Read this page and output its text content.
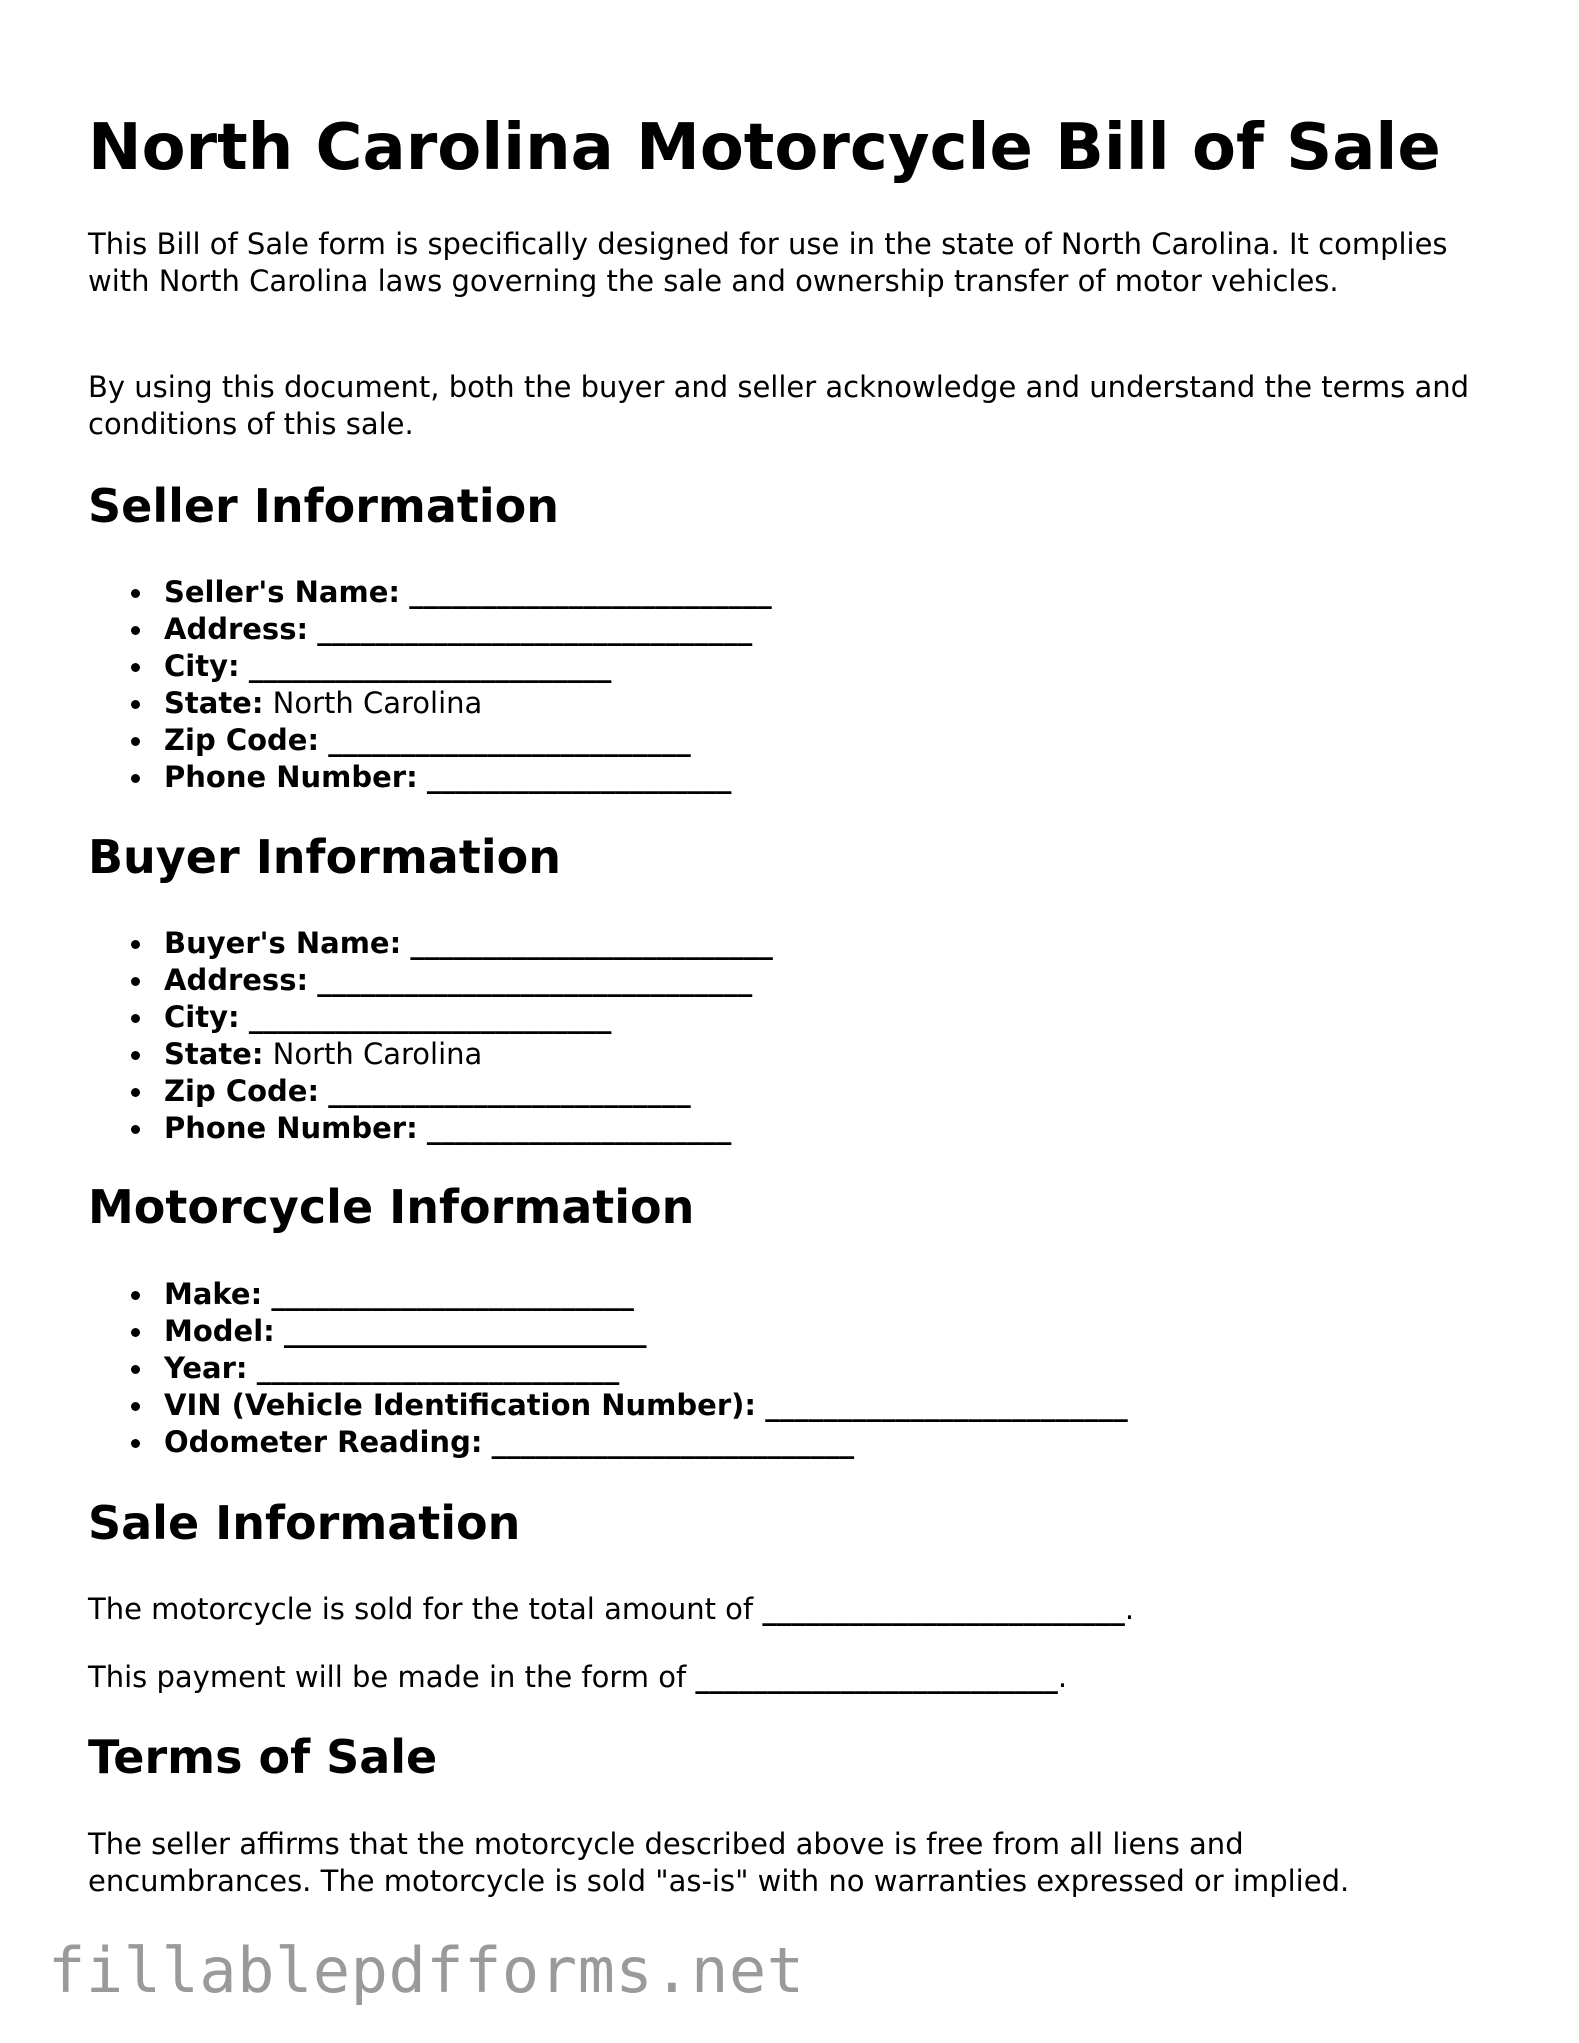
North Carolina Motorcycle Bill of Sale

This Bill of Sale form is specifically designed for use in the state of North Carolina. It complies with North Carolina laws governing the sale and ownership transfer of motor vehicles.

By using this document, both the buyer and seller acknowledge and understand the terms and conditions of this sale.

Seller Information
Seller's Name: _________________________
Address: ______________________________
City: _________________________
State: North Carolina
Zip Code: _________________________
Phone Number: _____________________
Buyer Information
Buyer's Name: _________________________
Address: ______________________________
City: _________________________
State: North Carolina
Zip Code: _________________________
Phone Number: _____________________
Motorcycle Information
Make: _________________________
Model: _________________________
Year: _________________________
VIN (Vehicle Identification Number): _________________________
Odometer Reading: _________________________
Sale Information

The motorcycle is sold for the total amount of _________________________.

This payment will be made in the form of _________________________.

Terms of Sale

The seller affirms that the motorcycle described above is free from all liens and

encumbrances. The motorcycle is sold "as-is" with no warranties expressed or implied.

fillablepdfforms.net
